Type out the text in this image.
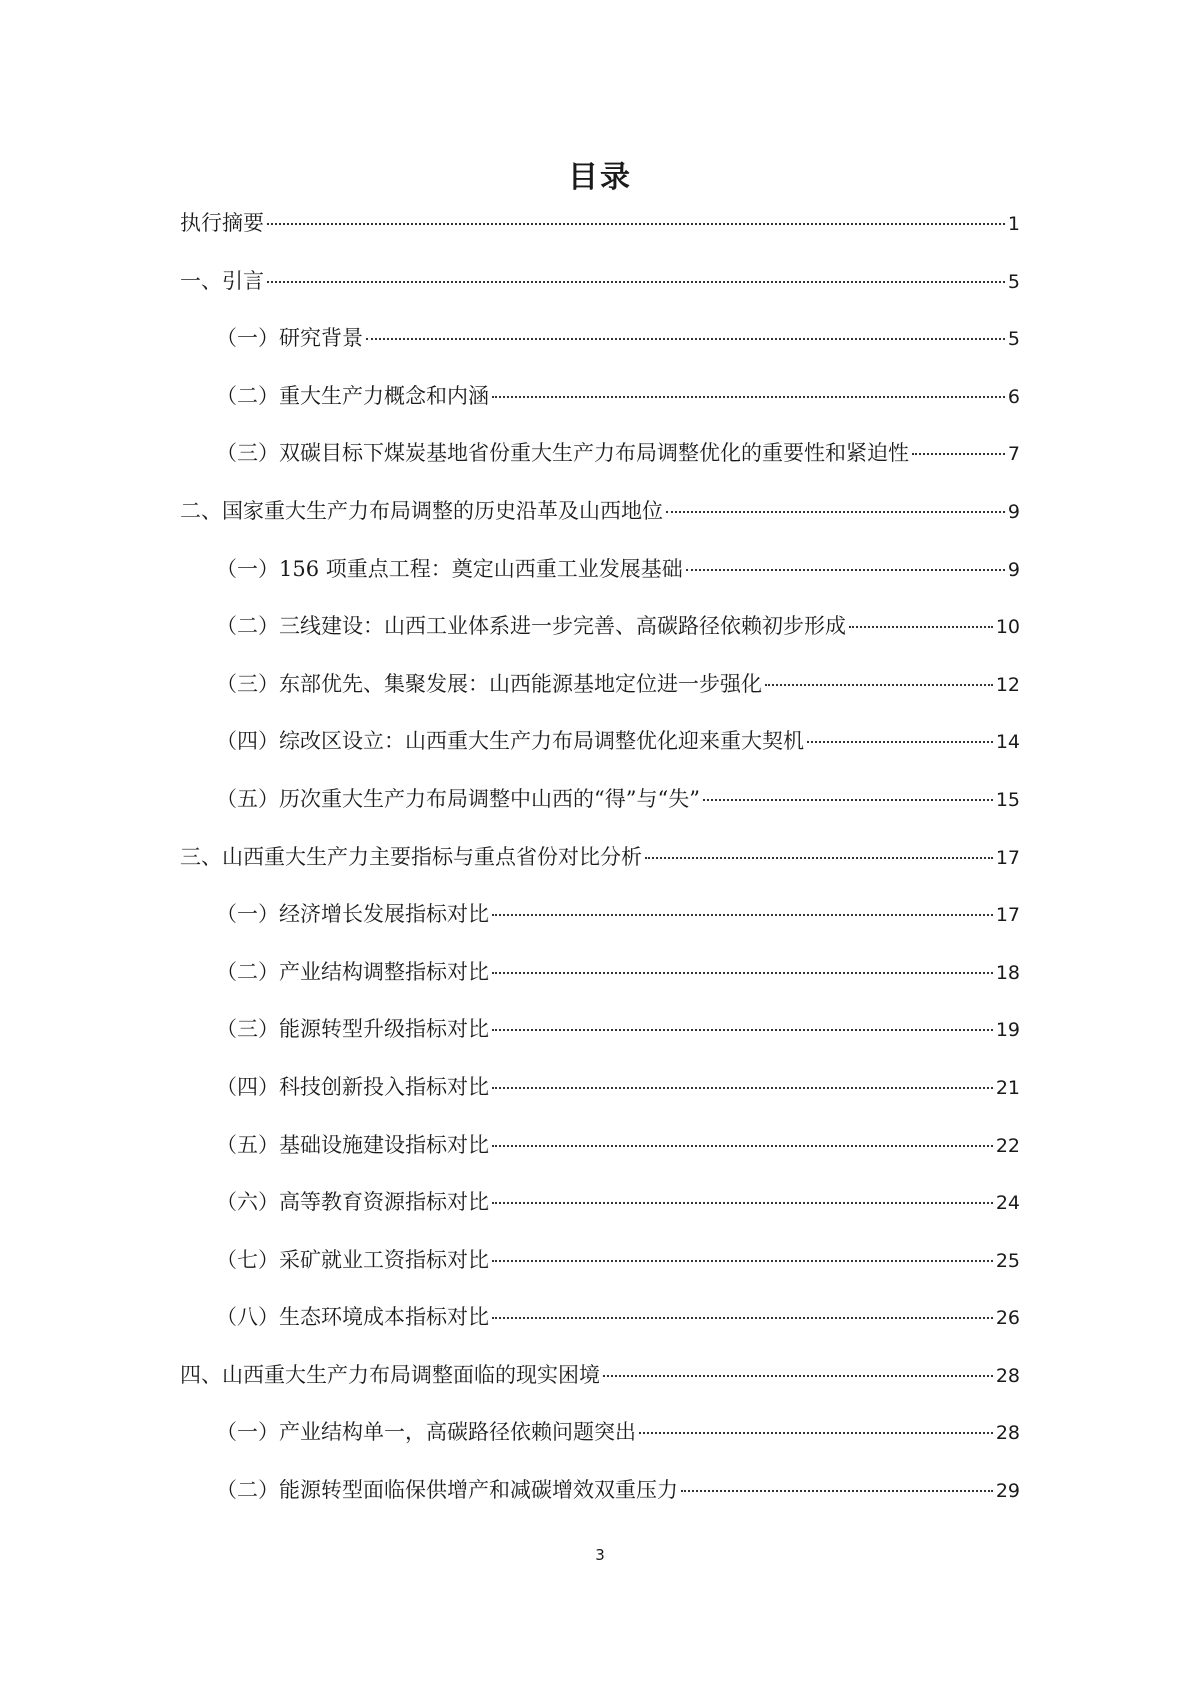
目录
执行摘要	1
一、引言	5
（一）研究背景	5
（二）重大生产力概念和内涵	6
（三）双碳目标下煤炭基地省份重大生产力布局调整优化的重要性和紧迫性	7
二、国家重大生产力布局调整的历史沿革及山西地位	9
（一）156 项重点工程：奠定山西重工业发展基础	9
（二）三线建设：山西工业体系进一步完善、高碳路径依赖初步形成	10
（三）东部优先、集聚发展：山西能源基地定位进一步强化	12
（四）综改区设立：山西重大生产力布局调整优化迎来重大契机	14
（五）历次重大生产力布局调整中山西的“得”与“失”	15
三、山西重大生产力主要指标与重点省份对比分析	17
（一）经济增长发展指标对比	17
（二）产业结构调整指标对比	18
（三）能源转型升级指标对比	19
（四）科技创新投入指标对比	21
（五）基础设施建设指标对比	22
（六）高等教育资源指标对比	24
（七）采矿就业工资指标对比	25
（八）生态环境成本指标对比	26
四、山西重大生产力布局调整面临的现实困境	28
（一）产业结构单一，高碳路径依赖问题突出	28
（二）能源转型面临保供增产和减碳增效双重压力	29
3
